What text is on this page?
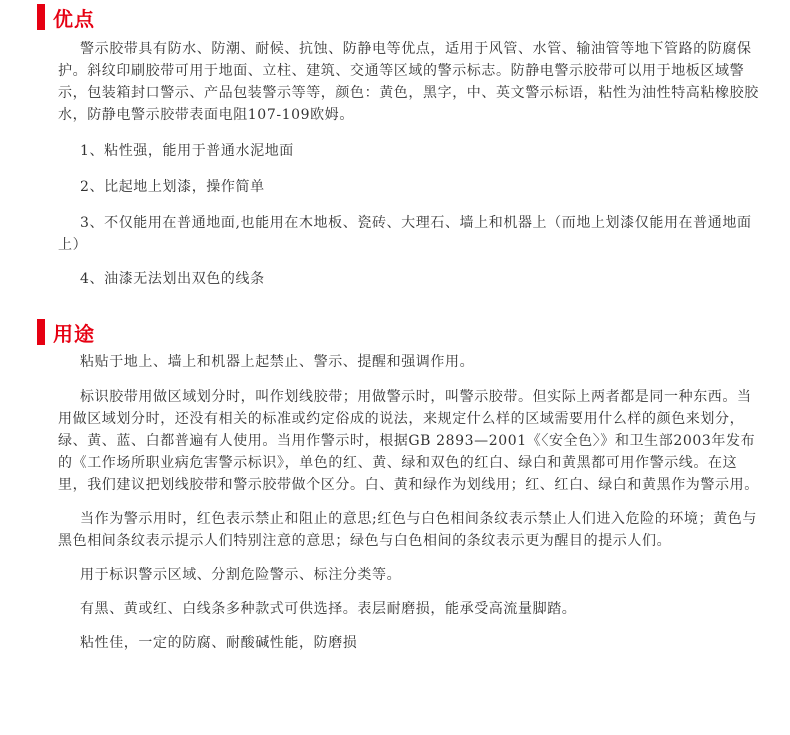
优点

警示胶带具有防水、防潮、耐候、抗蚀、防静电等优点，适用于风管、水管、输油管等地下管路的防腐保护。斜纹印刷胶带可用于地面、立柱、建筑、交通等区域的警示标志。防静电警示胶带可以用于地板区域警示，包装箱封口警示、产品包装警示等等，颜色：黄色，黑字，中、英文警示标语，粘性为油性特高粘橡胶胶水，防静电警示胶带表面电阻107-109欧姆。

1、粘性强，能用于普通水泥地面

2、比起地上划漆，操作简单

3、不仅能用在普通地面,也能用在木地板、瓷砖、大理石、墙上和机器上（而地上划漆仅能用在普通地面上）

4、油漆无法划出双色的线条

用途

粘贴于地上、墙上和机器上起禁止、警示、提醒和强调作用。

标识胶带用做区域划分时，叫作划线胶带；用做警示时，叫警示胶带。但实际上两者都是同一种东西。当用做区域划分时，还没有相关的标准或约定俗成的说法，来规定什么样的区域需要用什么样的颜色来划分，绿、黄、蓝、白都普遍有人使用。当用作警示时，根据GB 2893—2001《〈安全色〉》和卫生部2003年发布的《工作场所职业病危害警示标识》，单色的红、黄、绿和双色的红白、绿白和黄黑都可用作警示线。在这里，我们建议把划线胶带和警示胶带做个区分。白、黄和绿作为划线用；红、红白、绿白和黄黑作为警示用。

当作为警示用时，红色表示禁止和阻止的意思;红色与白色相间条纹表示禁止人们进入危险的环境；黄色与黑色相间条纹表示提示人们特别注意的意思；绿色与白色相间的条纹表示更为醒目的提示人们。

用于标识警示区域、分割危险警示、标注分类等。

有黑、黄或红、白线条多种款式可供选择。表层耐磨损，能承受高流量脚踏。

粘性佳，一定的防腐、耐酸碱性能，防磨损
